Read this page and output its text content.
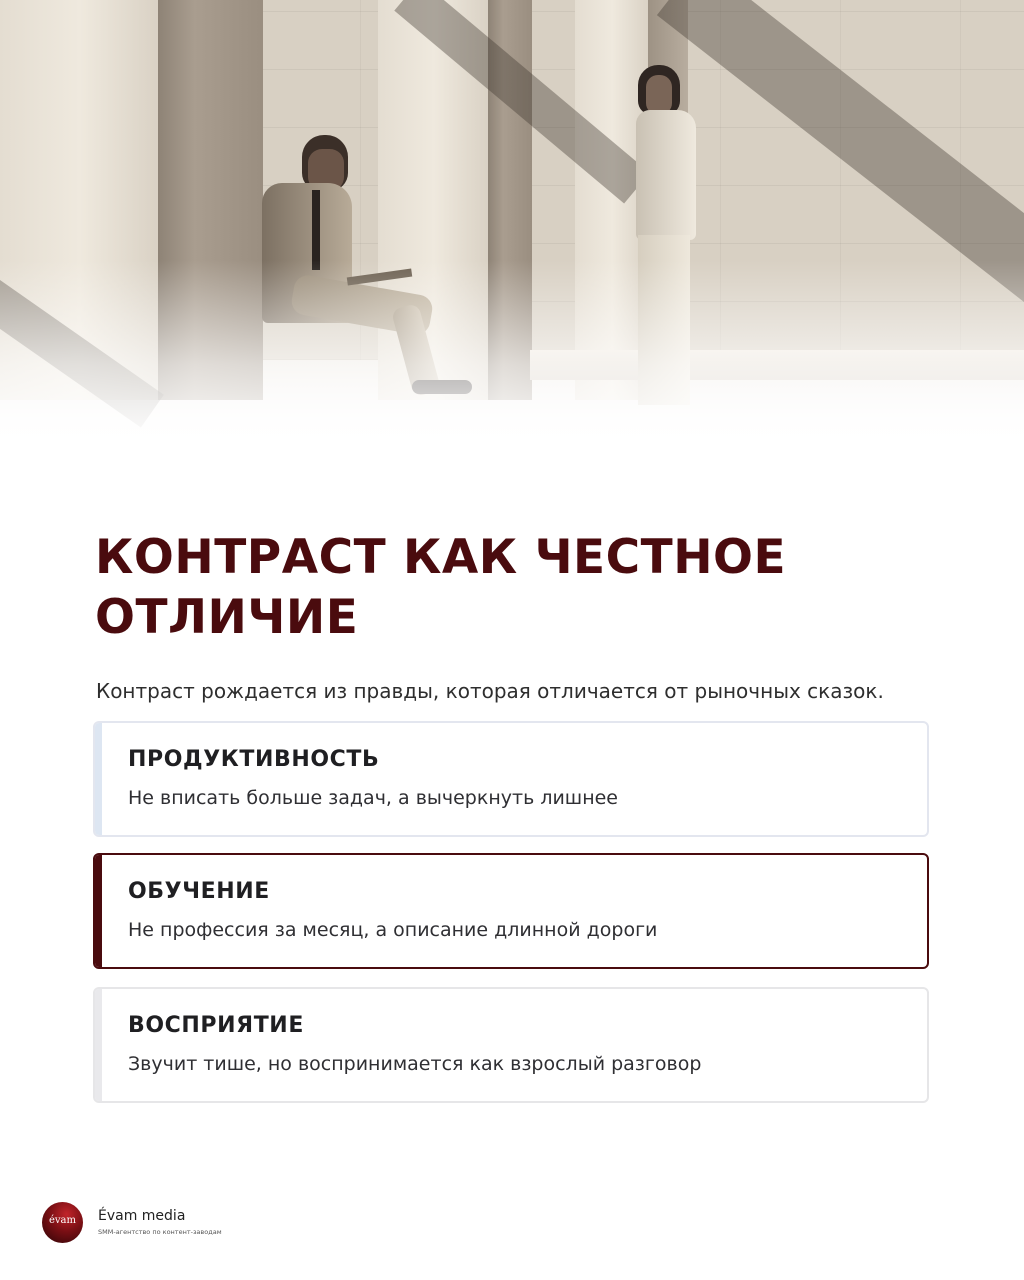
КОНТРАСТ КАК ЧЕСТНОЕ ОТЛИЧИЕ
Контраст рождается из правды, которая отличается от рыночных сказок.
ПРОДУКТИВНОСТЬ
Не вписать больше задач, а вычеркнуть лишнее
ОБУЧЕНИЕ
Не профессия за месяц, а описание длинной дороги
ВОСПРИЯТИЕ
Звучит тише, но воспринимается как взрослый разговор
évam	Évam media
SMM-агентство по контент-заводам
